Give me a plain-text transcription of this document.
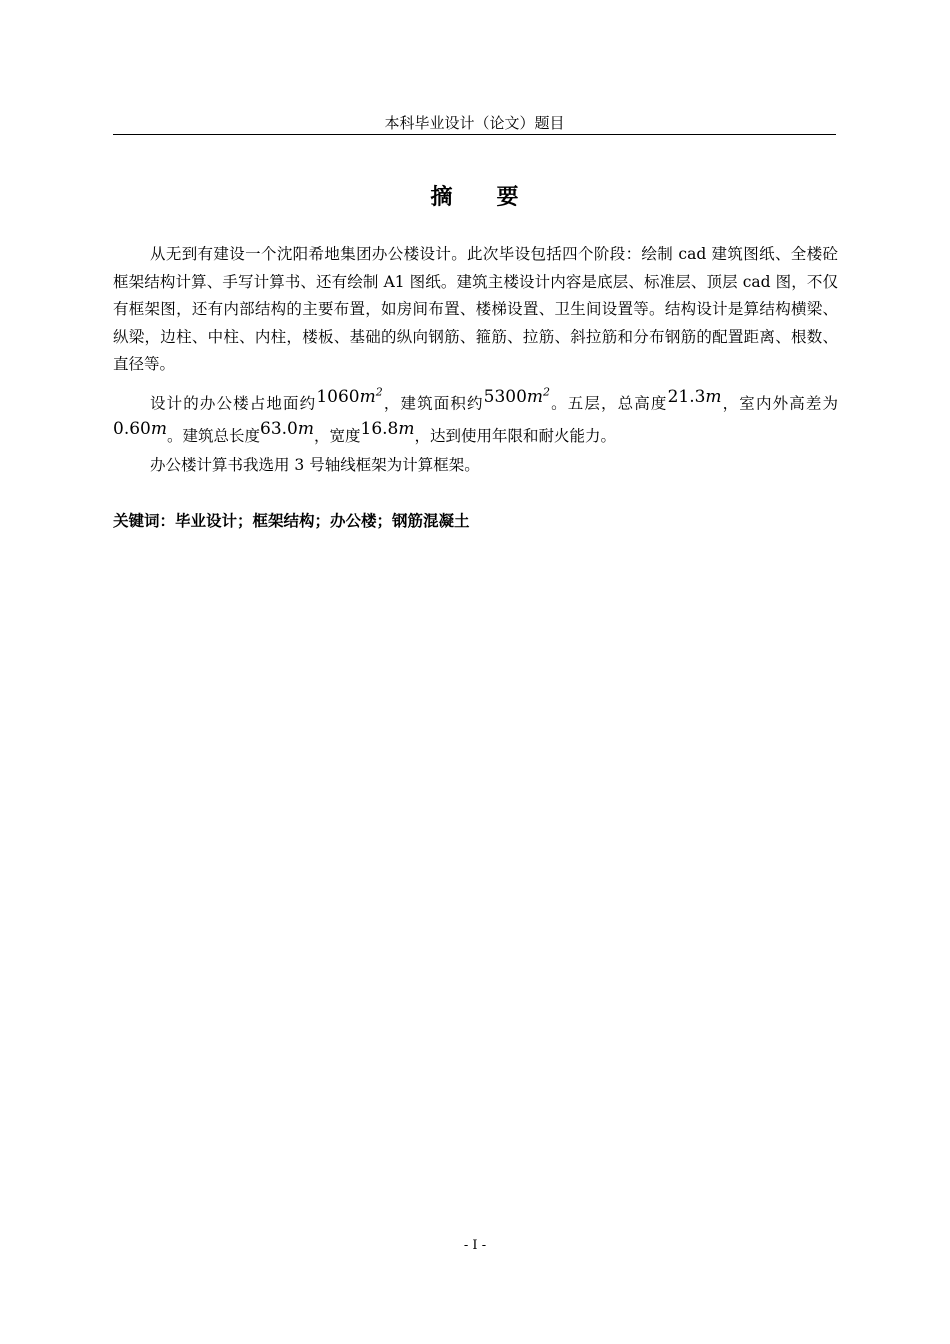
本科毕业设计（论文）题目
摘 要
从无到有建设一个沈阳希地集团办公楼设计。此次毕设包括四个阶段：绘制 cad 建筑图纸、全楼砼框架结构计算、手写计算书、还有绘制 A1 图纸。建筑主楼设计内容是底层、标准层、顶层 cad 图，不仅有框架图，还有内部结构的主要布置，如房间布置、楼梯设置、卫生间设置等。结构设计是算结构横梁、纵梁，边柱、中柱、内柱，楼板、基础的纵向钢筋、箍筋、拉筋、斜拉筋和分布钢筋的配置距离、根数、直径等。
设计的办公楼占地面约$1060m^2$，建筑面积约$5300m^2$。五层，总高度21.3m，室内外高差为0.60m。建筑总长度63.0m，宽度16.8m，达到使用年限和耐火能力。
办公楼计算书我选用 3 号轴线框架为计算框架。
关键词：毕业设计；框架结构；办公楼；钢筋混凝土
- I -
